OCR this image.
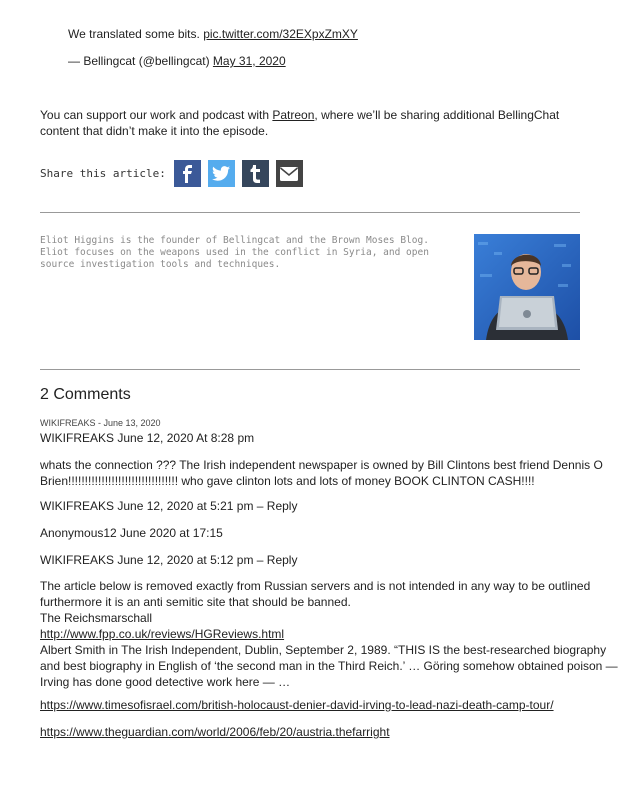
We translated some bits. pic.twitter.com/32EXpxZmXY
— Bellingcat (@bellingcat) May 31, 2020
You can support our work and podcast with Patreon, where we’ll be sharing additional BellingChat content that didn’t make it into the episode.
Share this article:
Eliot Higgins is the founder of Bellingcat and the Brown Moses Blog. Eliot focuses on the weapons used in the conflict in Syria, and open source investigation tools and techniques.
2 Comments
WIKIFREAKS - June 13, 2020
WIKIFREAKS June 12, 2020 At 8:28 pm
whats the connection ??? The Irish independent newspaper is owned by Bill Clintons best friend Dennis O
Brien!!!!!!!!!!!!!!!!!!!!!!!!!!!!!!!!! who gave clinton lots and lots of money BOOK CLINTON CASH!!!!
WIKIFREAKS June 12, 2020 at 5:21 pm – Reply
Anonymous12 June 2020 at 17:15
WIKIFREAKS June 12, 2020 at 5:12 pm – Reply
The article below is removed exactly from Russian servers and is not intended in any way to be outlined
furthermore it is an anti semitic site that should be banned.
The Reichsmarschall
http://www.fpp.co.uk/reviews/HGReviews.html
Albert Smith in The Irish Independent, Dublin, September 2, 1989. “THIS IS the best-researched biography
and best biography in English of ‘the second man in the Third Reich.’ … Göring somehow obtained poison —
Irving has done good detective work here — …
https://www.timesofisrael.com/british-holocaust-denier-david-irving-to-lead-nazi-death-camp-tour/
https://www.theguardian.com/world/2006/feb/20/austria.thefarright
